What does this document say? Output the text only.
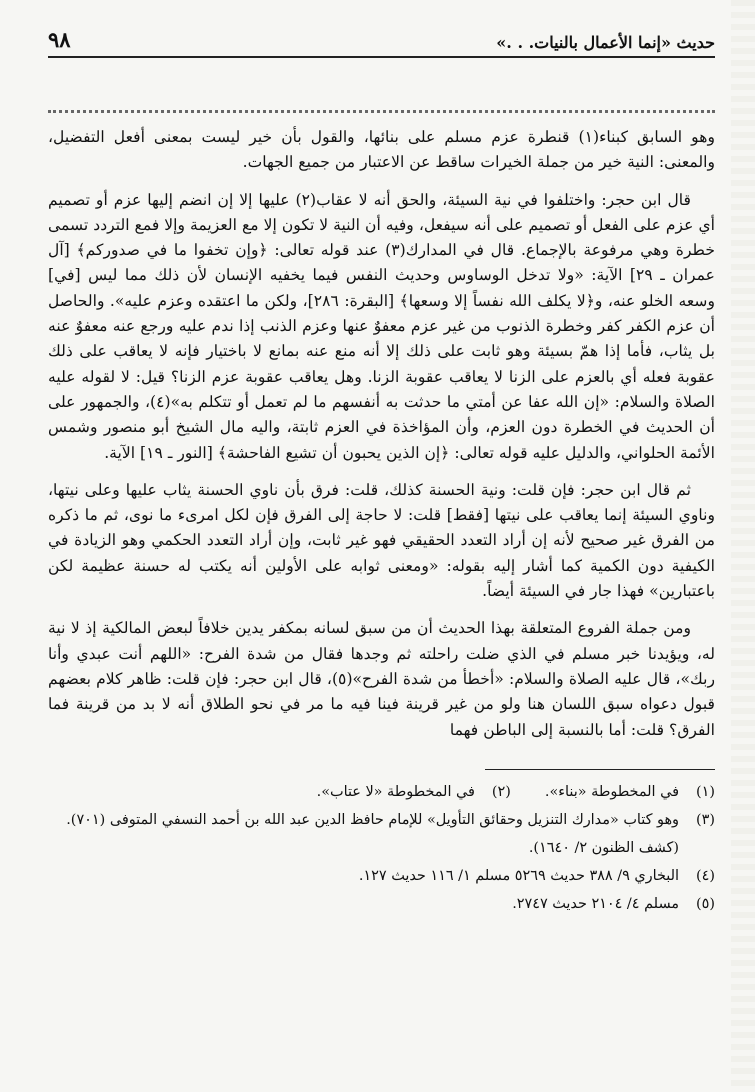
حديث «إنما الأعمال بالنيات. . .»
٩٨

وهو السابق كبناء(١) قنطرة عزم مسلم على بنائها، والقول بأن خير ليست بمعنى أفعل التفضيل، والمعنى: النية خير من جملة الخيرات ساقط عن الاعتبار من جميع الجهات.

قال ابن حجر: واختلفوا في نية السيئة، والحق أنه لا عقاب(٢) عليها إلا إن انضم إليها عزم أو تصميم أي عزم على الفعل أو تصميم على أنه سيفعل، وفيه أن النية لا تكون إلا مع العزيمة وإلا فمع التردد تسمى خطرة وهي مرفوعة بالإجماع. قال في المدارك(٣) عند قوله تعالى: ﴿وإن تخفوا ما في صدوركم﴾ [آل عمران ـ ٢٩] الآية: «ولا تدخل الوساوس وحديث النفس فيما يخفيه الإنسان لأن ذلك مما ليس [في] وسعه الخلو عنه، و﴿لا يكلف الله نفساً إلا وسعها﴾ [البقرة: ٢٨٦]، ولكن ما اعتقده وعزم عليه». والحاصل أن عزم الكفر كفر وخطرة الذنوب من غير عزم معفوٌ عنها وعزم الذنب إذا ندم عليه ورجع عنه معفوٌ عنه بل يثاب، فأما إذا همّ بسيئة وهو ثابت على ذلك إلا أنه منع عنه بمانع لا باختيار فإنه لا يعاقب على ذلك عقوبة فعله أي بالعزم على الزنا لا يعاقب عقوبة الزنا. وهل يعاقب عقوبة عزم الزنا؟ قيل: لا لقوله عليه الصلاة والسلام: «إن الله عفا عن أمتي ما حدثت به أنفسهم ما لم تعمل أو تتكلم به»(٤)، والجمهور على أن الحديث في الخطرة دون العزم، وأن المؤاخذة في العزم ثابتة، واليه مال الشيخ أبو منصور وشمس الأئمة الحلواني، والدليل عليه قوله تعالى: ﴿إن الذين يحبون أن تشيع الفاحشة﴾ [النور ـ ١٩] الآية.

ثم قال ابن حجر: فإن قلت: ونية الحسنة كذلك، قلت: فرق بأن ناوي الحسنة يثاب عليها وعلى نيتها، وناوي السيئة إنما يعاقب على نيتها [فقط] قلت: لا حاجة إلى الفرق فإن لكل امرىء ما نوى، ثم ما ذكره من الفرق غير صحيح لأنه إن أراد التعدد الحقيقي فهو غير ثابت، وإن أراد التعدد الحكمي وهو الزيادة في الكيفية دون الكمية كما أشار إليه بقوله: «ومعنى ثوابه على الأولين أنه يكتب له حسنة عظيمة لكن باعتبارين» فهذا جار في السيئة أيضاً.

ومن جملة الفروع المتعلقة بهذا الحديث أن من سبق لسانه بمكفر يدين خلافاً لبعض المالكية إذ لا نية له، ويؤيدنا خبر مسلم في الذي ضلت راحلته ثم وجدها فقال من شدة الفرح: «اللهم أنت عبدي وأنا ربك»، قال عليه الصلاة والسلام: «أخطأ من شدة الفرح»(٥)، قال ابن حجر: فإن قلت: ظاهر كلام بعضهم قبول دعواه سبق اللسان هنا ولو من غير قرينة فينا فيه ما مر في نحو الطلاق أنه لا بد من قرينة فما الفرق؟ قلت: أما بالنسبة إلى الباطن فهما

(١)
في المخطوطة «بناء».
(٢)
في المخطوطة «لا عتاب».
(٣)
وهو كتاب «مدارك التنزيل وحقائق التأويل» للإمام حافظ الدين عبد الله بن أحمد النسفي المتوفى (٧٠١). (كشف الظنون ٢/ ١٦٤٠).
(٤)
البخاري ٩/ ٣٨٨ حديث ٥٢٦٩ مسلم ١/ ١١٦ حديث ١٢٧.
(٥)
مسلم ٤/ ٢١٠٤ حديث ٢٧٤٧.
